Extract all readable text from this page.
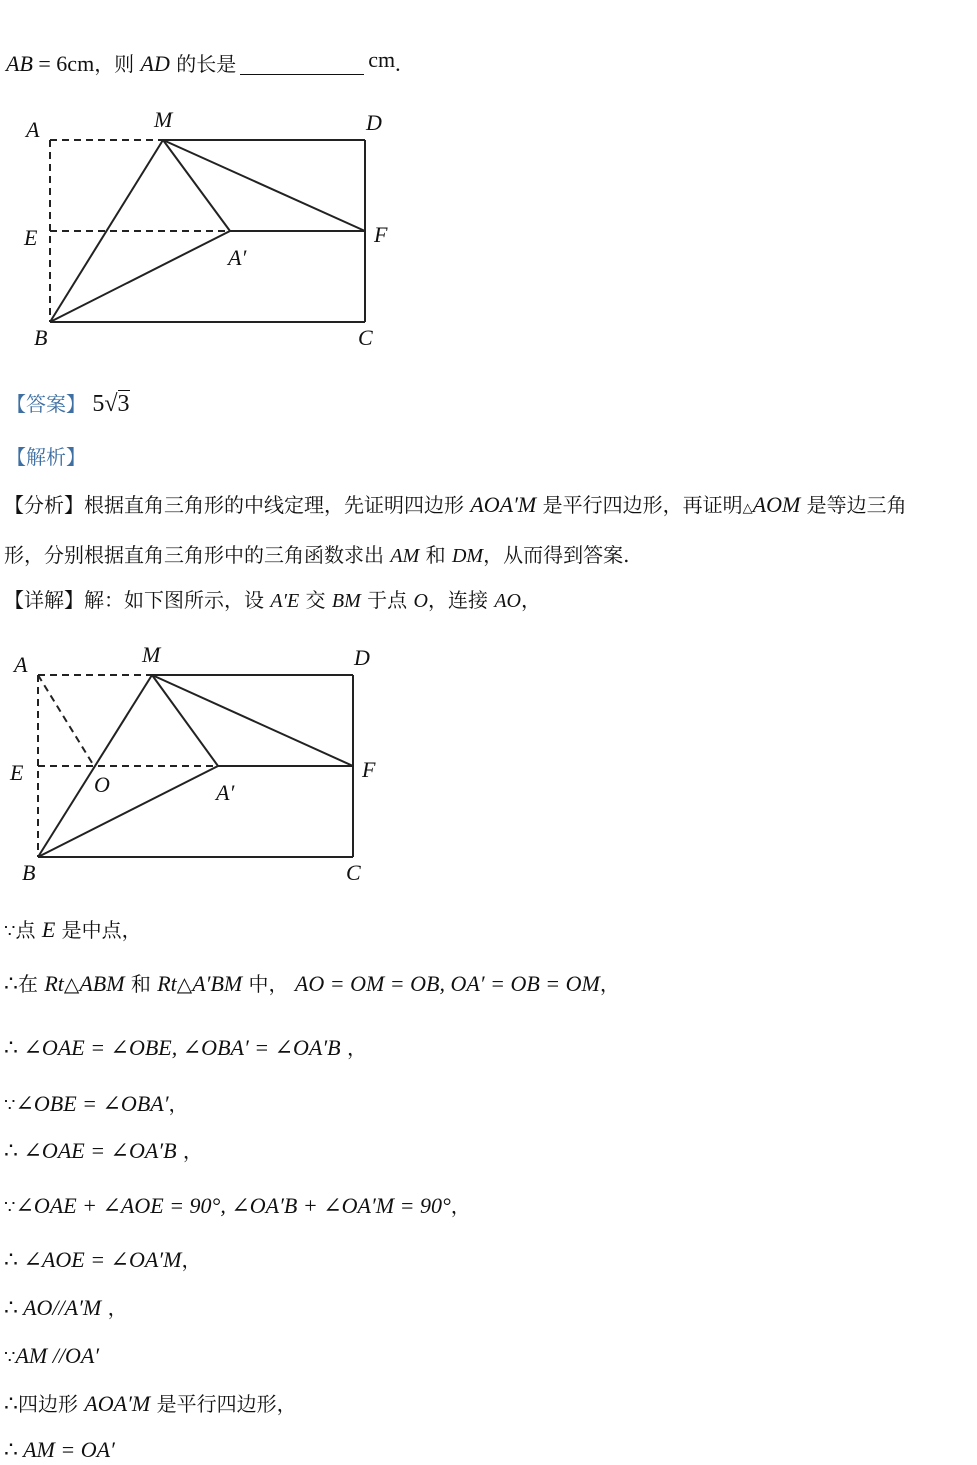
AB = 6cm，则 AD 的长是	cm.
A	M	D
E	F
A′
B	C
【答案】 5√3
【解析】
【分析】根据直角三角形的中线定理，先证明四边形 AOA′M 是平行四边形，再证明△AOM 是等边三角
形，分别根据直角三角形中的三角函数求出 AM 和 DM，从而得到答案.
【详解】解：如下图所示，设 A′E 交 BM 于点 O，连接 AO，
A	M	D
E	O
F
A′
B	C
∵点 E 是中点，
∴在 Rt△ABM 和 Rt△A′BM 中， AO = OM = OB, OA′ = OB = OM，
∴ ∠OAE = ∠OBE, ∠OBA′ = ∠OA′B ，
∵∠OBE = ∠OBA′，
∴ ∠OAE = ∠OA′B ，
∵∠OAE + ∠AOE = 90°, ∠OA′B + ∠OA′M = 90°，
∴ ∠AOE = ∠OA′M，
∴ AO//A′M ，
∵AM //OA′
∴四边形 AOA′M 是平行四边形，
∴ AM = OA′
